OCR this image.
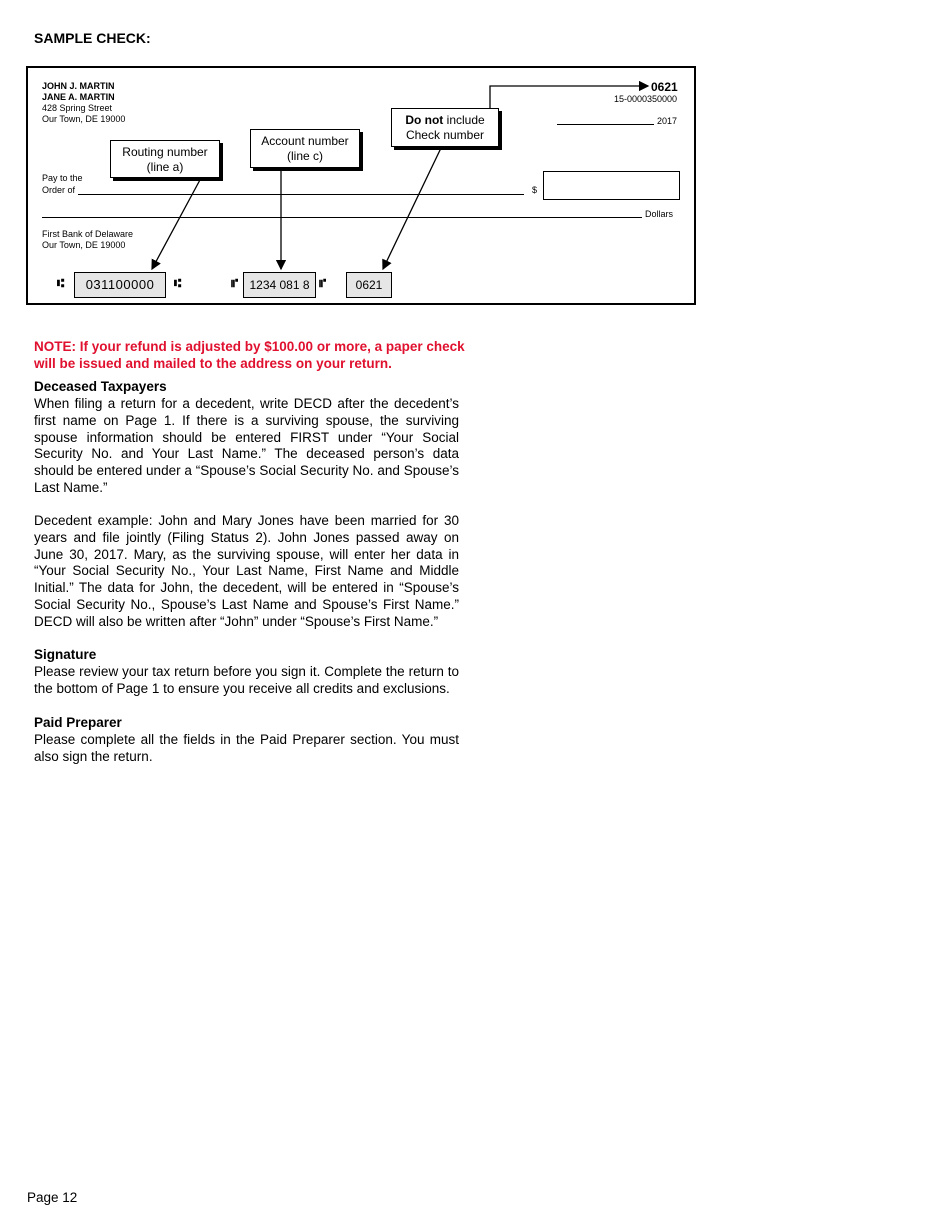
SAMPLE CHECK:
JOHN J. MARTIN
JANE A. MARTIN
428 Spring Street
Our Town, DE 19000
0621
15-0000350000
2017
Pay to the
Order of	$
Dollars
First Bank of Delaware
Our Town, DE 19000
⑆	031100000	⑆	⑈	1234 081 8 ⑈	0621
Routing number
(line a)
Account number
(line c)
Do not include
Check number
NOTE: If your refund is adjusted by $100.00 or more, a paper check will be issued and mailed to the address on your return.
Deceased Taxpayers
When filing a return for a decedent, write DECD after the decedent’s first name on Page 1. If there is a surviving spouse, the surviving spouse information should be entered FIRST under “Your Social Security No. and Your Last Name.” The deceased person’s data should be entered under a “Spouse’s Social Security No. and Spouse’s Last Name.”
Decedent example: John and Mary Jones have been married for 30 years and file jointly (Filing Status 2). John Jones passed away on June 30, 2017. Mary, as the surviving spouse, will enter her data in “Your Social Security No., Your Last Name, First Name and Middle Initial.” The data for John, the decedent, will be entered in “Spouse’s Social Security No., Spouse’s Last Name and Spouse’s First Name.” DECD will also be written after “John” under “Spouse’s First Name.”
Signature
Please review your tax return before you sign it. Complete the return to the bottom of Page 1 to ensure you receive all credits and exclusions.
Paid Preparer
Please complete all the fields in the Paid Preparer section. You must also sign the return.
Page 12
